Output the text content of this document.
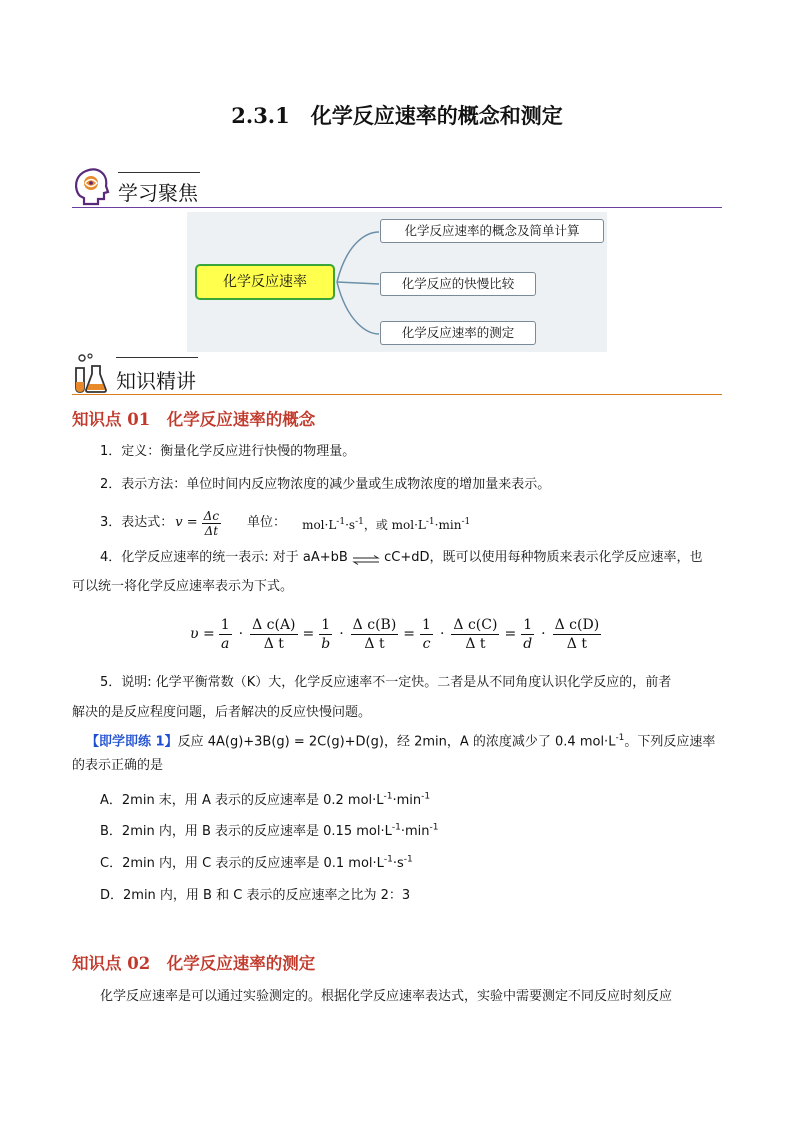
2.3.1　化学反应速率的概念和测定
学习聚焦
化学反应速率
化学反应速率的概念及简单计算
化学反应的快慢比较
化学反应速率的测定
知识精讲
知识点 01　化学反应速率的概念
1．定义：衡量化学反应进行快慢的物理量。
2．表示方法：单位时间内反应物浓度的减少量或生成物浓度的增加量来表示。
3．表达式： $v = \frac{\Delta c}{\Delta t}$ 单位： $mol\cdot L^{-1}\cdot s^{-1}$，或 $mol\cdot L^{-1}\cdot\min^{-1}$
4．化学反应速率的统一表示: 对于 aA+bB ⇌ cC+dD，既可以使用每种物质来表示化学反应速率，也
可以统一将化学反应速率表示为下式。
$\upsilon = \frac{1}{a} \cdot \frac{\text{Δ c(A)}}{\text{Δ t}} = \frac{1}{b} \cdot \frac{\text{Δ c(B)}}{\text{Δ t}} = \frac{1}{c} \cdot \frac{\text{Δ c(C)}}{\text{Δ t}} = \frac{1}{d} \cdot \frac{\text{Δ c(D)}}{\text{Δ t}}$
5．说明: 化学平衡常数（K）大，化学反应速率不一定快。二者是从不同角度认识化学反应的，前者
解决的是反应程度问题，后者解决的反应快慢问题。
【即学即练 1】反应 4A(g)+3B(g) = 2C(g)+D(g)，经 2min，A 的浓度减少了 0.4 $mol\cdot L^{-1}$。下列反应速率
的表示正确的是
A．2min 末，用 A 表示的反应速率是 0.2 $mol\cdot L^{-1}\cdot\min^{-1}$
B．2min 内，用 B 表示的反应速率是 0.15 $mol\cdot L^{-1}\cdot\min^{-1}$
C．2min 内，用 C 表示的反应速率是 0.1 $mol\cdot L^{-1}\cdot s^{-1}$
D．2min 内，用 B 和 C 表示的反应速率之比为 2：3
知识点 02　化学反应速率的测定
化学反应速率是可以通过实验测定的。根据化学反应速率表达式，实验中需要测定不同反应时刻反应
